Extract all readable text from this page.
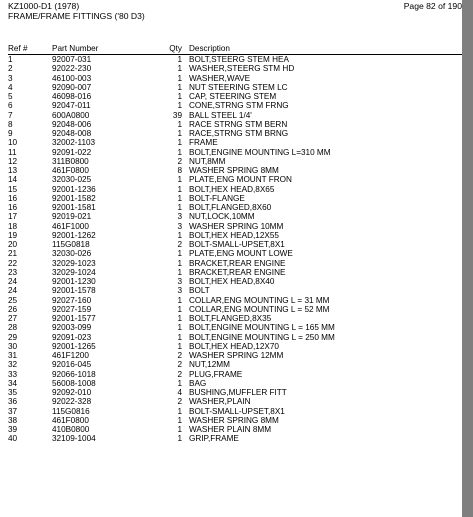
KZ1000-D1 (1978)
FRAME/FRAME FITTINGS ('80 D3)
Page 82 of 190
Ref #	Part Number	Qty Description
1	92007-031	1 BOLT,STEERG STEM HEA
2	92022-230	1 WASHER,STEERG STM HD
3	46100-003	1 WASHER,WAVE
4	92090-007	1 NUT STEERING STEM LC
5	46098-016	1 CAP, STEERING STEM
6	92047-011	1 CONE,STRNG STM FRNG
7	600A0800	39 BALL STEEL 1/4'
8	92048-006	1 RACE STRNG STM BERN
9	92048-008	1 RACE,STRNG STM BRNG
10	32002-1103	1 FRAME
11	92091-022	1 BOLT,ENGINE MOUNTING L=310 MM
12	311B0800	2 NUT,8MM
13	461F0800	8 WASHER SPRING 8MM
14	32030-025	1 PLATE,ENG MOUNT FRON
15	92001-1236	1 BOLT,HEX HEAD,8X65
16	92001-1582	1 BOLT-FLANGE
16	92001-1581	1 BOLT,FLANGED,8X60
17	92019-021	3 NUT,LOCK,10MM
18	461F1000	3 WASHER SPRING 10MM
19	92001-1262	1 BOLT,HEX HEAD,12X55
20	115G0818	2 BOLT-SMALL-UPSET,8X1
21	32030-026	1 PLATE,ENG MOUNT LOWE
22	32029-1023	1 BRACKET,REAR ENGINE
23	32029-1024	1 BRACKET,REAR ENGINE
24	92001-1230	3 BOLT,HEX HEAD,8X40
24	92001-1578	3 BOLT
25	92027-160	1 COLLAR,ENG MOUNTING L = 31 MM
26	92027-159	1 COLLAR,ENG MOUNTING L = 52 MM
27	92001-1577	1 BOLT,FLANGED,8X35
28	92003-099	1 BOLT,ENGINE MOUNTING L = 165 MM
29	92091-023	1 BOLT,ENGINE MOUNTING L = 250 MM
30	92001-1265	1 BOLT,HEX HEAD,12X70
31	461F1200	2 WASHER SPRING 12MM
32	92016-045	2 NUT,12MM
33	92066-1018	2 PLUG,FRAME
34	56008-1008	1 BAG
35	92092-010	4 BUSHING,MUFFLER FITT
36	92022-328	2 WASHER,PLAIN
37	115G0816	1 BOLT-SMALL-UPSET,8X1
38	461F0800	1 WASHER SPRING 8MM
39	410B0800	1 WASHER PLAIN 8MM
40	32109-1004	1 GRIP,FRAME
